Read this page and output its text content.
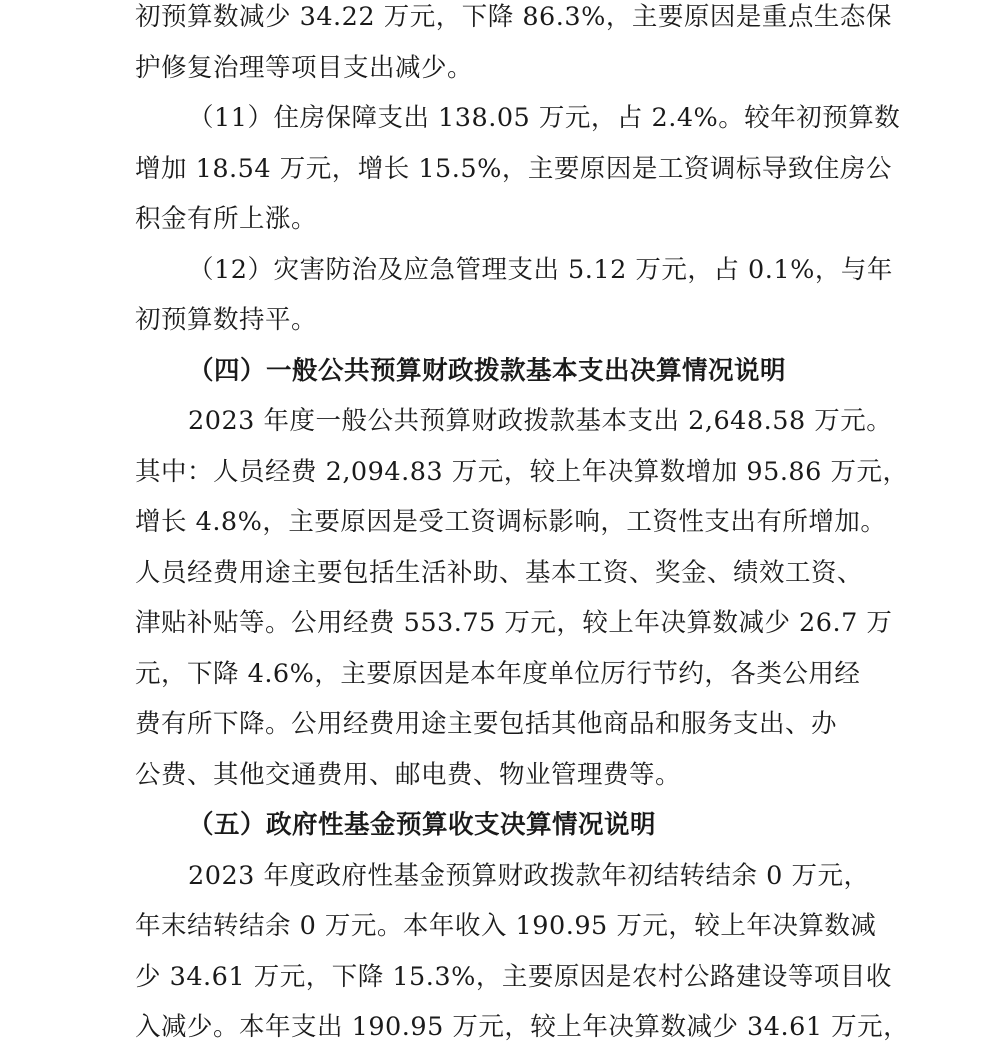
初预算数减少 34.22 万元，下降 86.3%，主要原因是重点生态保
护修复治理等项目支出减少。
（11）住房保障支出 138.05 万元，占 2.4%。较年初预算数
增加 18.54 万元，增长 15.5%，主要原因是工资调标导致住房公
积金有所上涨。
（12）灾害防治及应急管理支出 5.12 万元，占 0.1%，与年
初预算数持平。
（四）一般公共预算财政拨款基本支出决算情况说明
2023 年度一般公共预算财政拨款基本支出 2,648.58 万元。
其中：人员经费 2,094.83 万元，较上年决算数增加 95.86 万元，
增长 4.8%，主要原因是受工资调标影响，工资性支出有所增加。
人员经费用途主要包括生活补助、基本工资、奖金、绩效工资、
津贴补贴等。公用经费 553.75 万元，较上年决算数减少 26.7 万
元，下降 4.6%，主要原因是本年度单位厉行节约，各类公用经
费有所下降。公用经费用途主要包括其他商品和服务支出、办
公费、其他交通费用、邮电费、物业管理费等。
（五）政府性基金预算收支决算情况说明
2023 年度政府性基金预算财政拨款年初结转结余 0 万元，
年末结转结余 0 万元。本年收入 190.95 万元，较上年决算数减
少 34.61 万元，下降 15.3%，主要原因是农村公路建设等项目收
入减少。本年支出 190.95 万元，较上年决算数减少 34.61 万元，
